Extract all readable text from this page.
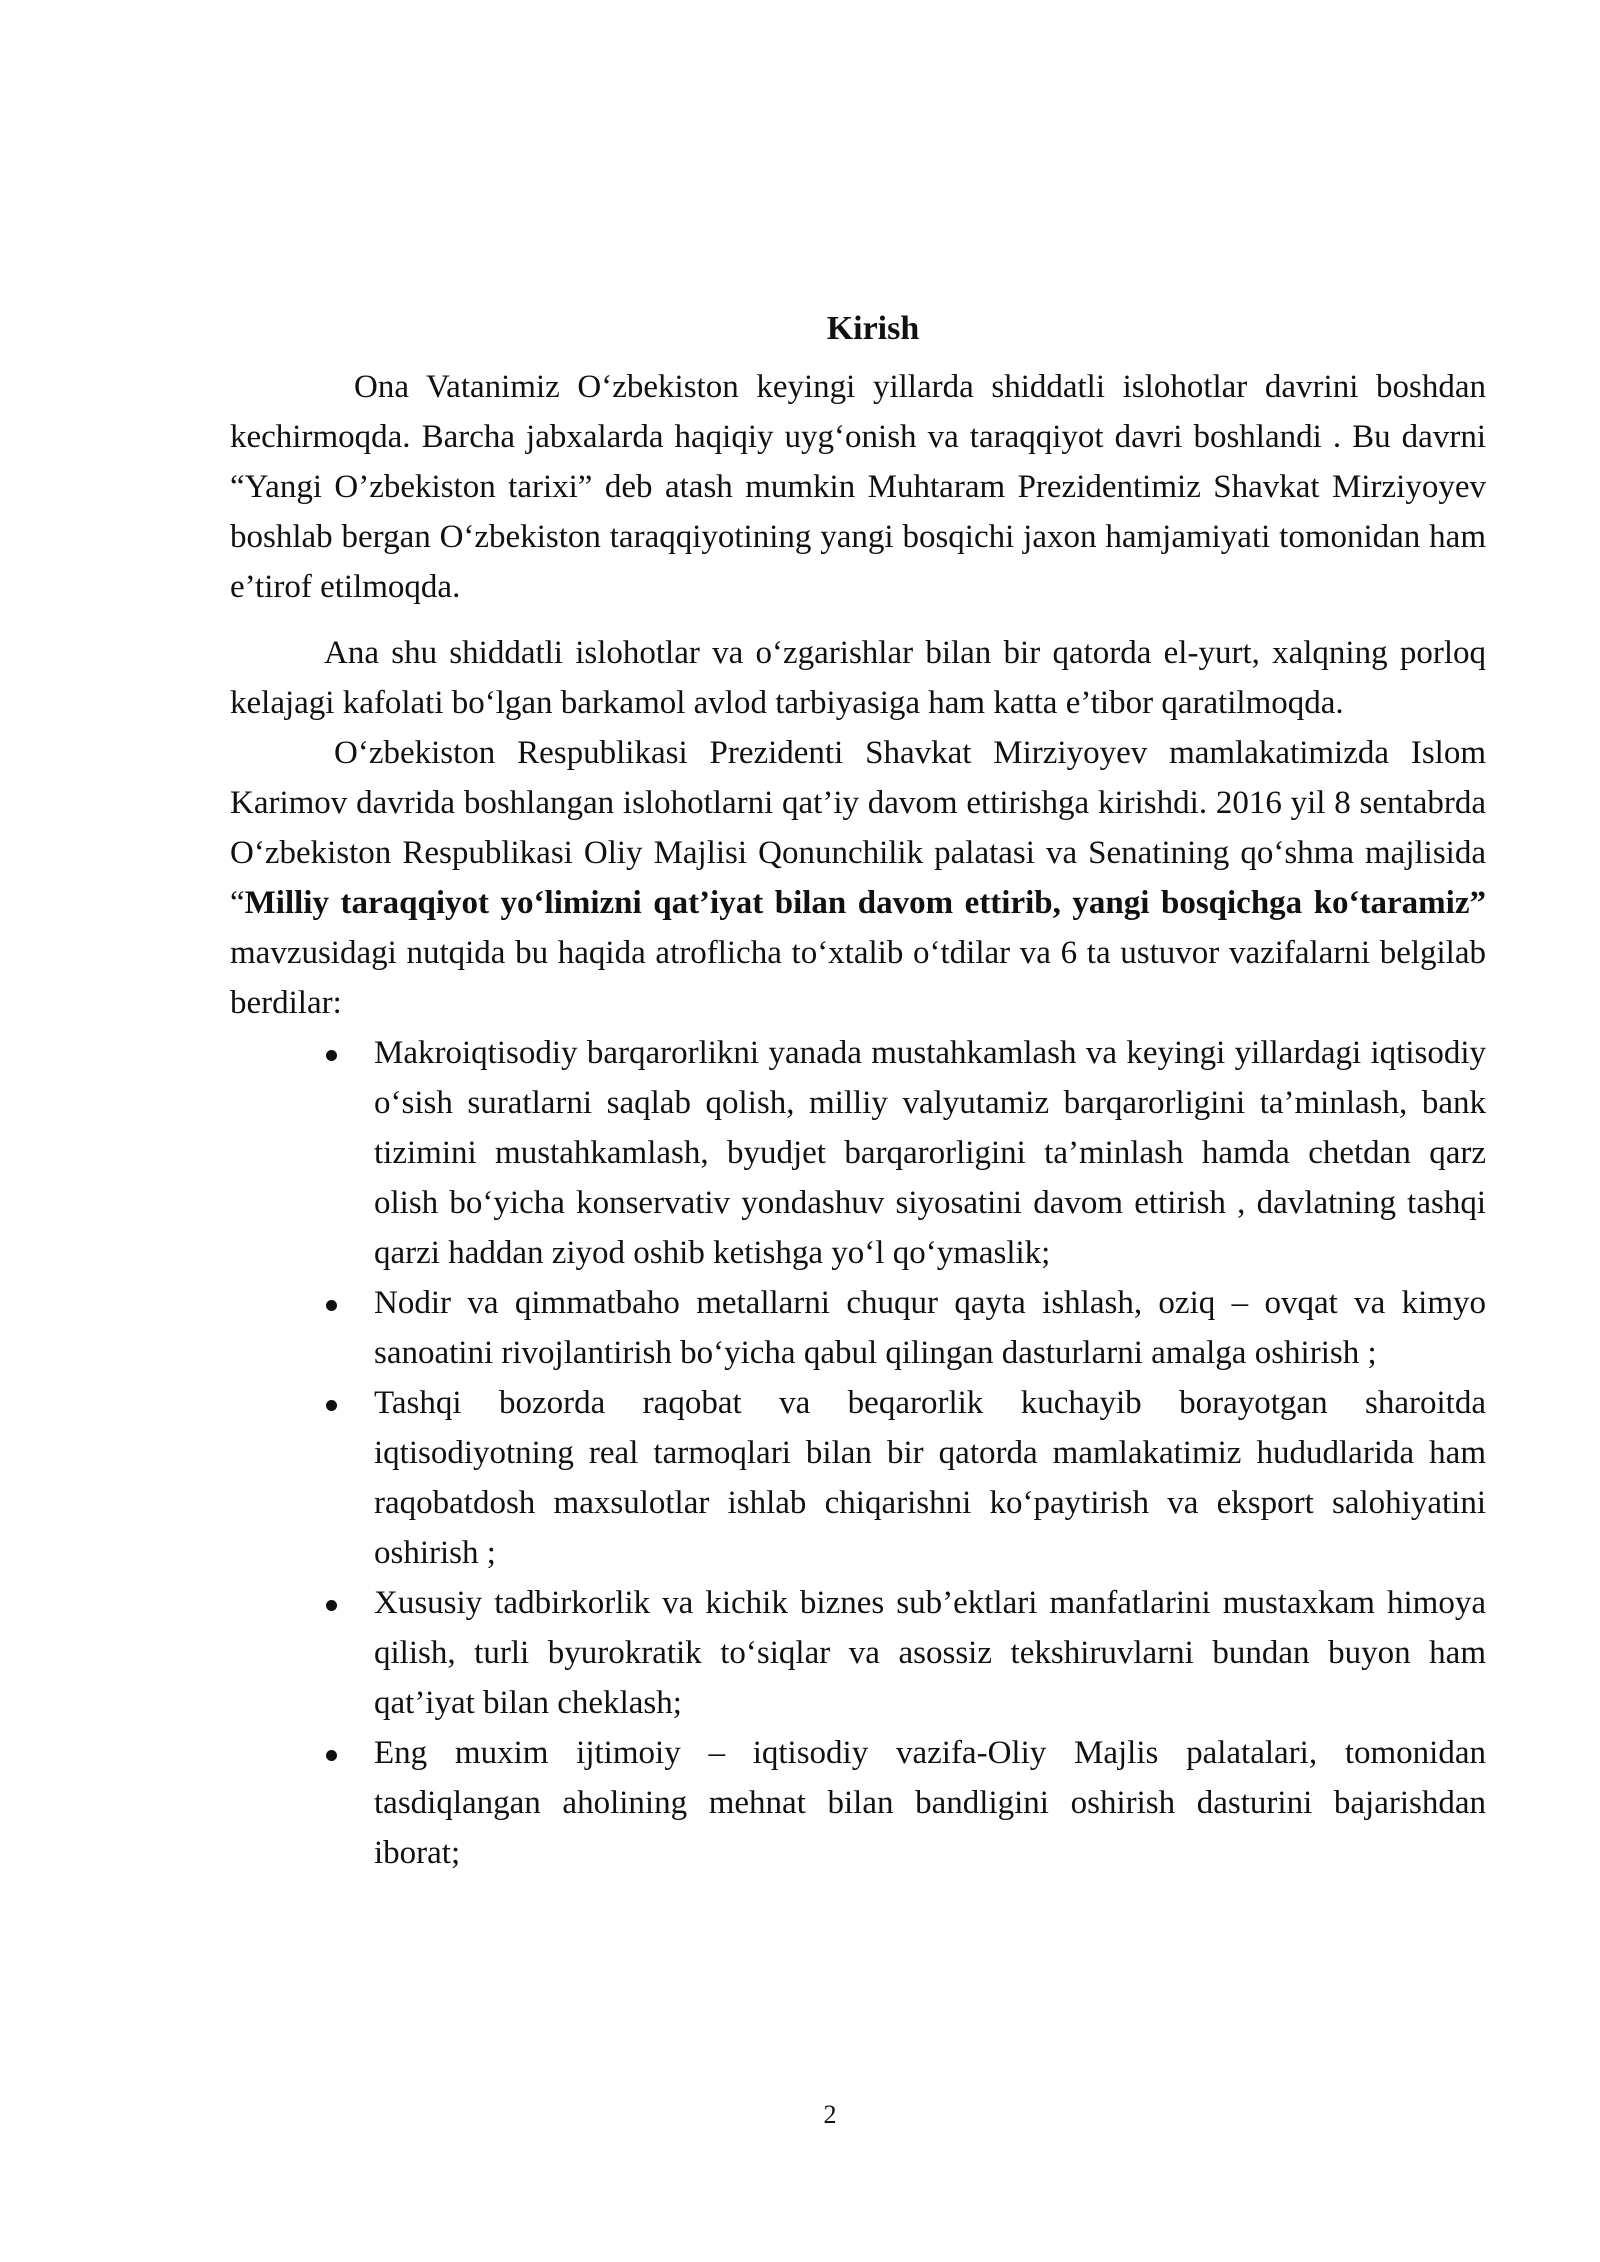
Kirish

Ona Vatanimiz O‘zbekiston keyingi yillarda shiddatli islohotlar davrini boshdan kechirmoqda. Barcha jabxalarda haqiqiy uyg‘onish va taraqqiyot davri boshlandi . Bu davrni “Yangi O’zbekiston tarixi” deb atash mumkin Muhtaram Prezidentimiz Shavkat Mirziyoyev boshlab bergan O‘zbekiston taraqqiyotining yangi bosqichi jaxon hamjamiyati tomonidan ham e’tirof etilmoqda.

Ana shu shiddatli islohotlar va o‘zgarishlar bilan bir qatorda el-yurt, xalqning porloq kelajagi kafolati bo‘lgan barkamol avlod tarbiyasiga ham katta e’tibor qaratilmoqda.

O‘zbekiston Respublikasi Prezidenti Shavkat Mirziyoyev mamlakatimizda Islom Karimov davrida boshlangan islohotlarni qat’iy davom ettirishga kirishdi. 2016 yil 8 sentabrda O‘zbekiston Respublikasi Oliy Majlisi Qonunchilik palatasi va Senatining qo‘shma majlisida “Milliy taraqqiyot yo‘limizni qat’iyat bilan davom ettirib, yangi bosqichga ko‘taramiz” mavzusidagi nutqida bu haqida atroflicha to‘xtalib o‘tdilar va 6 ta ustuvor vazifalarni belgilab berdilar:

Makroiqtisodiy barqarorlikni yanada mustahkamlash va keyingi yillardagi iqtisodiy o‘sish suratlarni saqlab qolish, milliy valyutamiz barqarorligini ta’minlash, bank tizimini mustahkamlash, byudjet barqarorligini ta’minlash hamda chetdan qarz olish bo‘yicha konservativ yondashuv siyosatini davom ettirish , davlatning tashqi qarzi haddan ziyod oshib ketishga yo‘l qo‘ymaslik;
Nodir va qimmatbaho metallarni chuqur qayta ishlash, oziq – ovqat va kimyo sanoatini rivojlantirish bo‘yicha qabul qilingan dasturlarni amalga oshirish ;
Tashqi bozorda raqobat va beqarorlik kuchayib borayotgan sharoitda iqtisodiyotning real tarmoqlari bilan bir qatorda mamlakatimiz hududlarida ham raqobatdosh maxsulotlar ishlab chiqarishni ko‘paytirish va eksport salohiyatini oshirish ;
Xususiy tadbirkorlik va kichik biznes sub’ektlari manfatlarini mustaxkam himoya qilish, turli byurokratik to‘siqlar va asossiz tekshiruvlarni bundan buyon ham qat’iyat bilan cheklash;
Eng muxim ijtimoiy – iqtisodiy vazifa-Oliy Majlis palatalari, tomonidan tasdiqlangan aholining mehnat bilan bandligini oshirish dasturini bajarishdan iborat;
2
